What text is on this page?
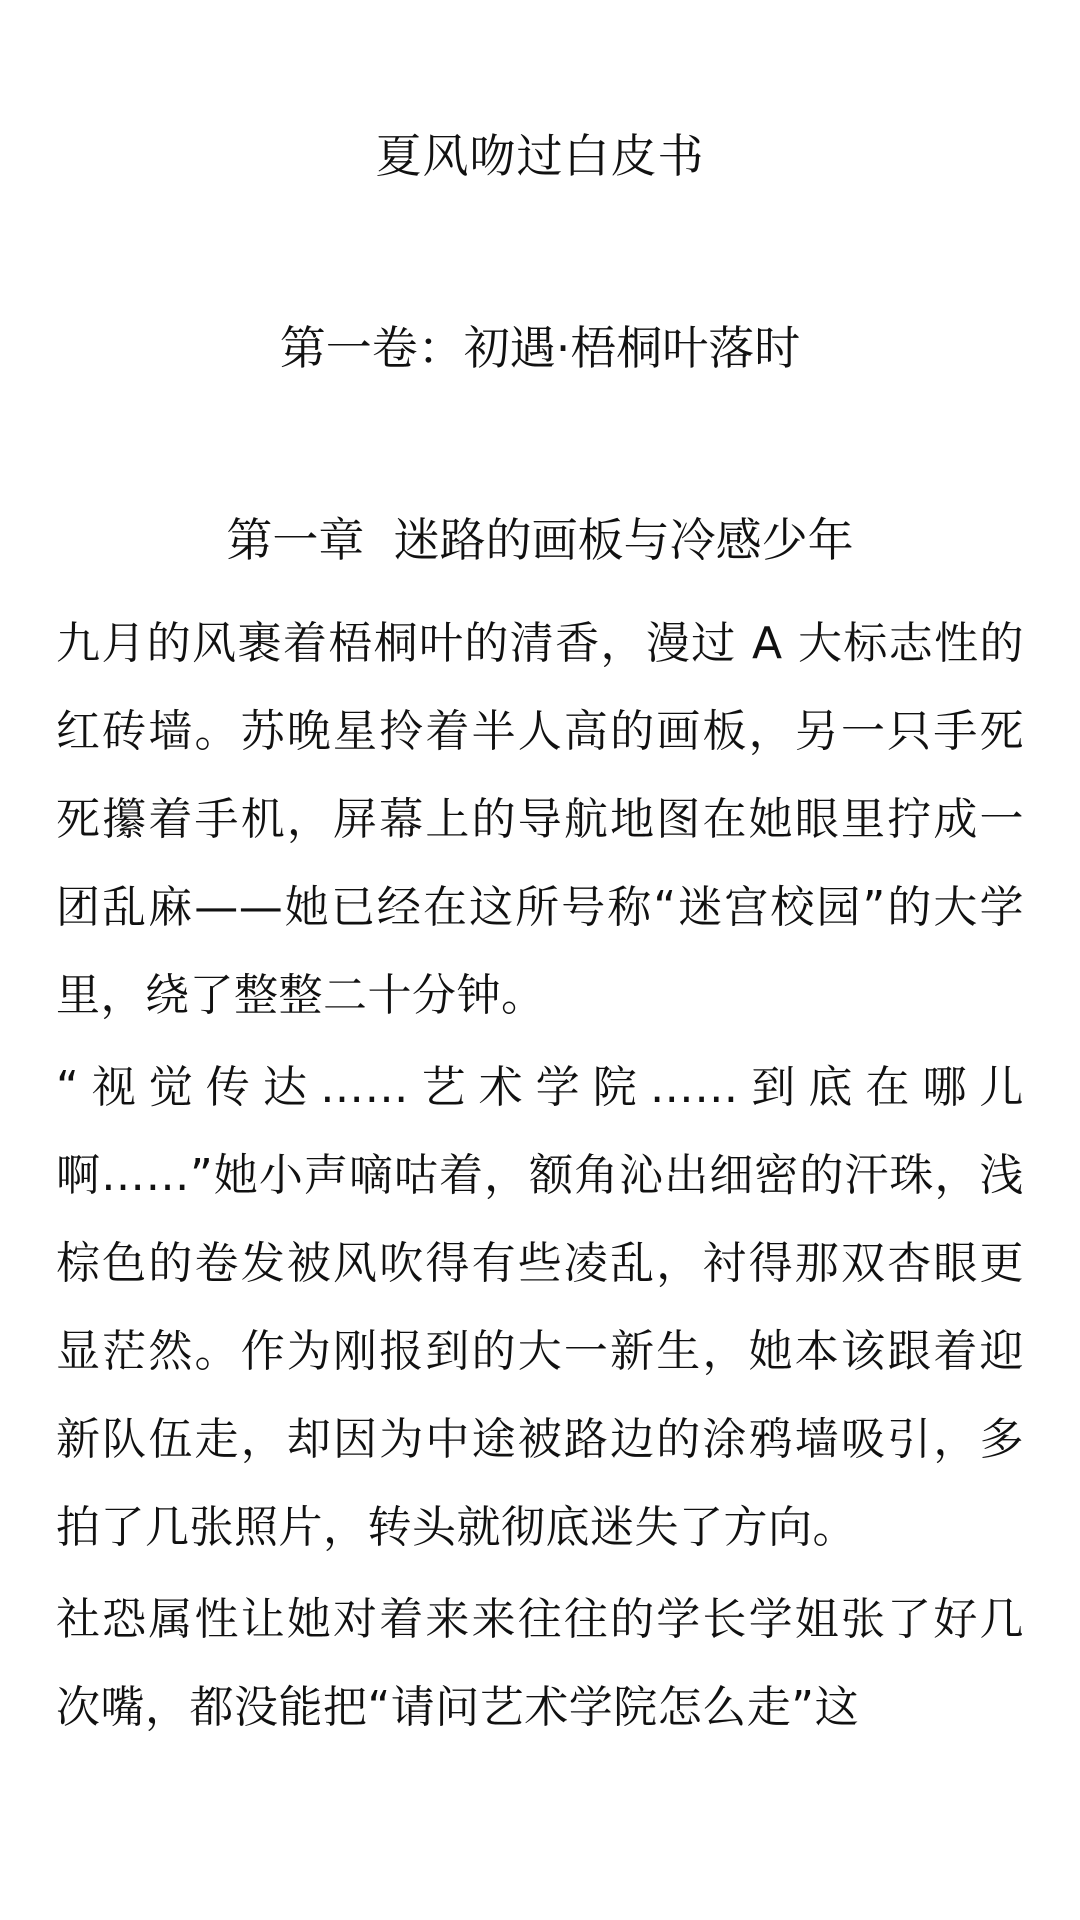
夏风吻过白皮书
第一卷：初遇·梧桐叶落时
第一章  迷路的画板与冷感少年

九月的风裹着梧桐叶的清香，漫过 A 大标志性的红砖墙。苏晚星拎着半人高的画板，另一只手死死攥着手机，屏幕上的导航地图在她眼里拧成一团乱麻——她已经在这所号称“迷宫校园”的大学里，绕了整整二十分钟。

“视觉传达……艺术学院……到底在哪儿啊……”她小声嘀咕着，额角沁出细密的汗珠，浅棕色的卷发被风吹得有些凌乱，衬得那双杏眼更显茫然。作为刚报到的大一新生，她本该跟着迎新队伍走，却因为中途被路边的涂鸦墙吸引，多拍了几张照片，转头就彻底迷失了方向。

社恐属性让她对着来来往往的学长学姐张了好几次嘴，都没能把“请问艺术学院怎么走”这
